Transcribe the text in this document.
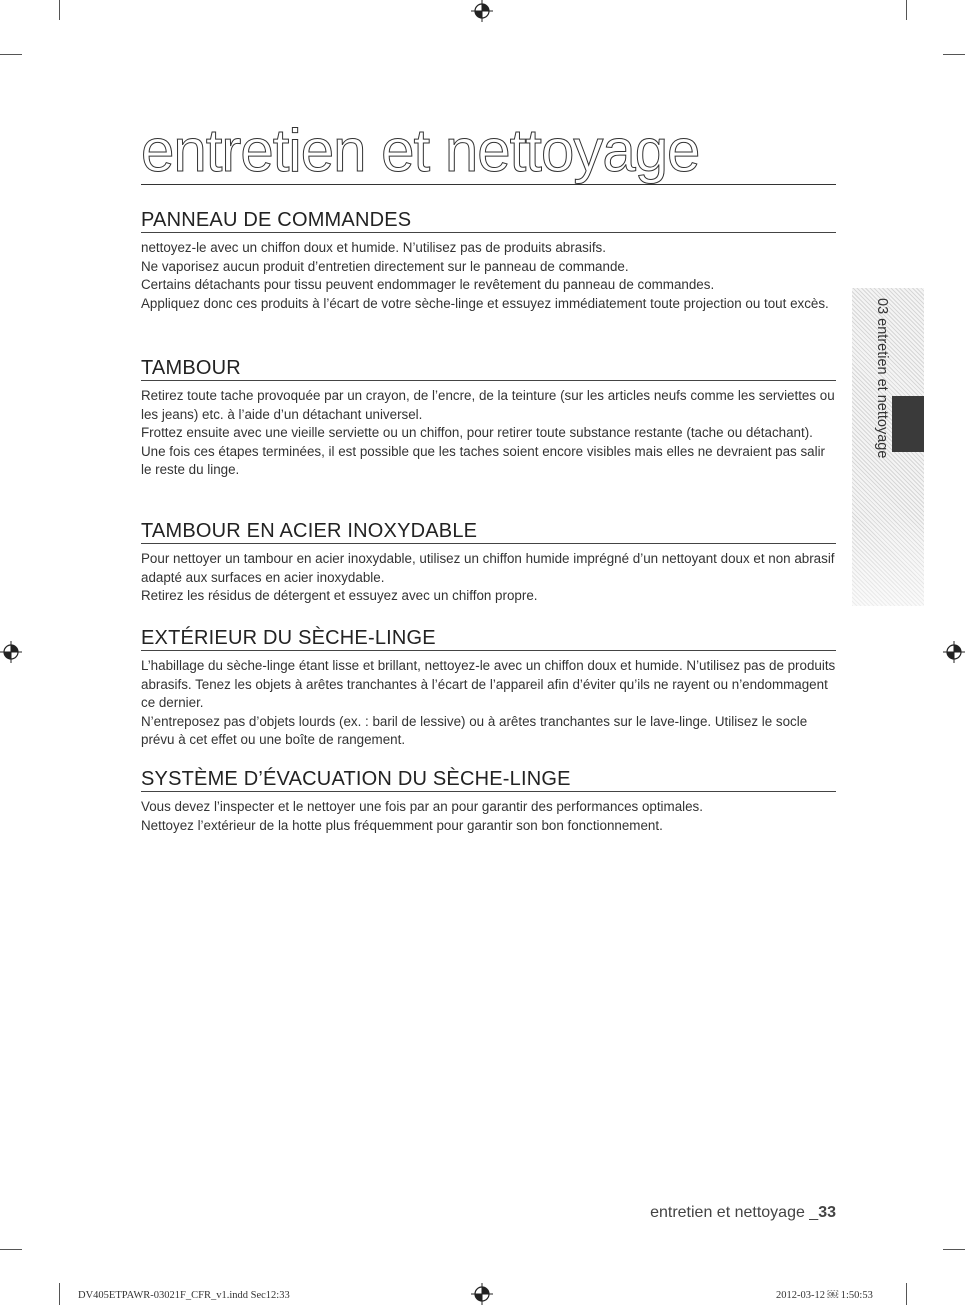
entretien et nettoyage
PANNEAU DE COMMANDES

nettoyez-le avec un chiffon doux et humide. N’utilisez pas de produits abrasifs.

Ne vaporisez aucun produit d’entretien directement sur le panneau de commande.

Certains détachants pour tissu peuvent endommager le revêtement du panneau de commandes.

Appliquez donc ces produits à l’écart de votre sèche-linge et essuyez immédiatement toute projection ou tout excès.

TAMBOUR

Retirez toute tache provoquée par un crayon, de l’encre, de la teinture (sur les articles neufs comme les serviettes ou les jeans) etc. à l’aide d’un détachant universel.

Frottez ensuite avec une vieille serviette ou un chiffon, pour retirer toute substance restante (tache ou détachant).

Une fois ces étapes terminées, il est possible que les taches soient encore visibles mais elles ne devraient pas salir le reste du linge.

TAMBOUR EN ACIER INOXYDABLE

Pour nettoyer un tambour en acier inoxydable, utilisez un chiffon humide imprégné d’un nettoyant doux et non abrasif adapté aux surfaces en acier inoxydable.

Retirez les résidus de détergent et essuyez avec un chiffon propre.

EXTÉRIEUR DU SÈCHE-LINGE

L’habillage du sèche-linge étant lisse et brillant, nettoyez-le avec un chiffon doux et humide. N’utilisez pas de produits abrasifs. Tenez les objets à arêtes tranchantes à l’écart de l’appareil afin d’éviter qu’ils ne rayent ou n’endommagent ce dernier.

N’entreposez pas d’objets lourds (ex. : baril de lessive) ou à arêtes tranchantes sur le lave-linge. Utilisez le socle prévu à cet effet ou une boîte de rangement.

SYSTÈME D’ÉVACUATION DU SÈCHE-LINGE

Vous devez l’inspecter et le nettoyer une fois par an pour garantir des performances optimales.

Nettoyez l’extérieur de la hotte plus fréquemment pour garantir son bon fonctionnement.

03 entretien et nettoyage
entretien et nettoyage _33
DV405ETPAWR-03021F_CFR_v1.indd Sec12:33	2012-03-12 ￼ 1:50:53
